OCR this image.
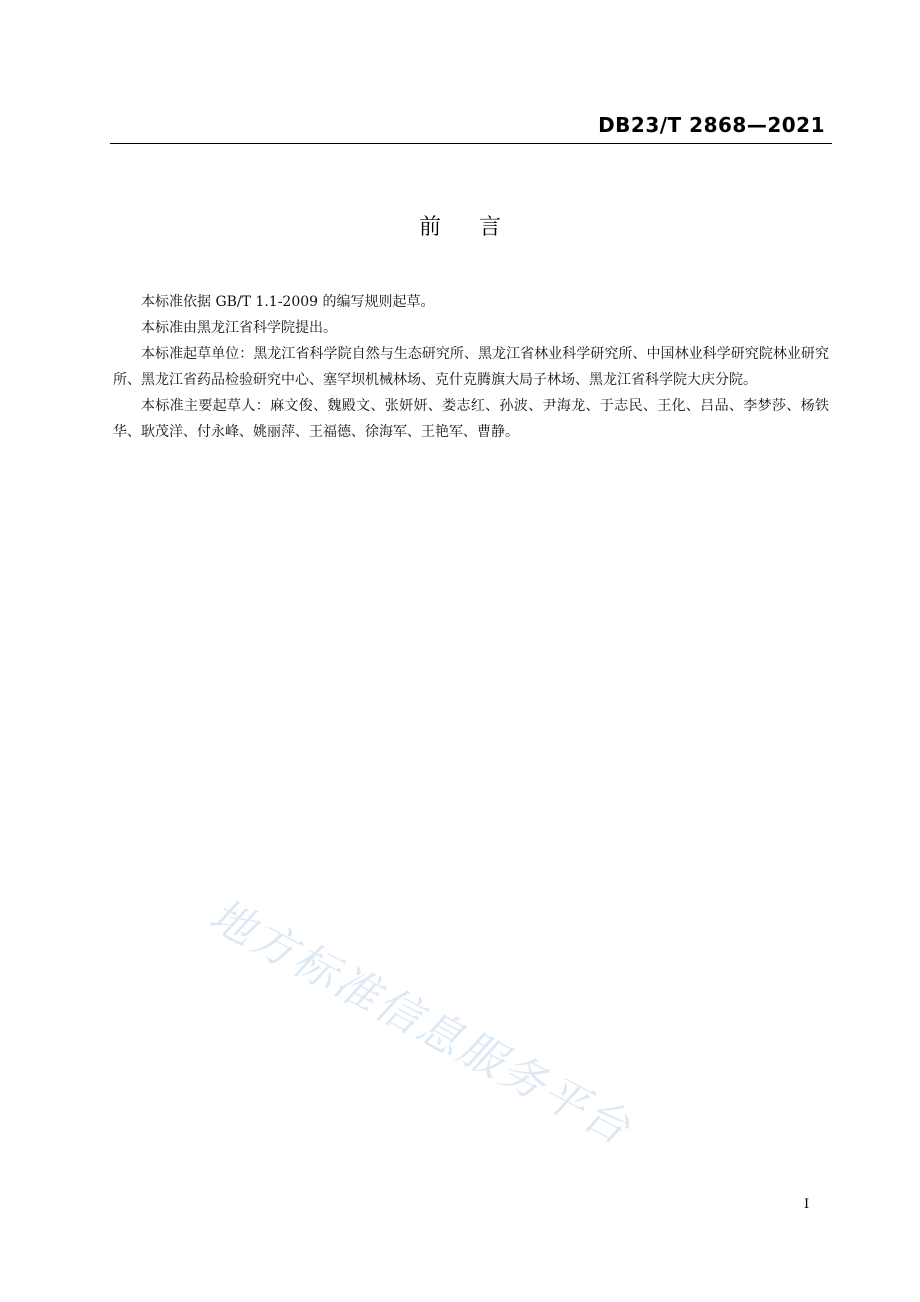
DB23/T 2868—2021
前言

本标准依据 GB/T 1.1-2009 的编写规则起草。

本标准由黑龙江省科学院提出。

本标准起草单位：黑龙江省科学院自然与生态研究所、黑龙江省林业科学研究所、中国林业科学研究院林业研究所、黑龙江省药品检验研究中心、塞罕坝机械林场、克什克腾旗大局子林场、黑龙江省科学院大庆分院。

本标准主要起草人：麻文俊、魏殿文、张妍妍、娄志红、孙波、尹海龙、于志民、王化、吕品、李梦莎、杨铁华、耿茂洋、付永峰、姚丽萍、王福德、徐海军、王艳军、曹静。

地方标准信息服务平台
I
